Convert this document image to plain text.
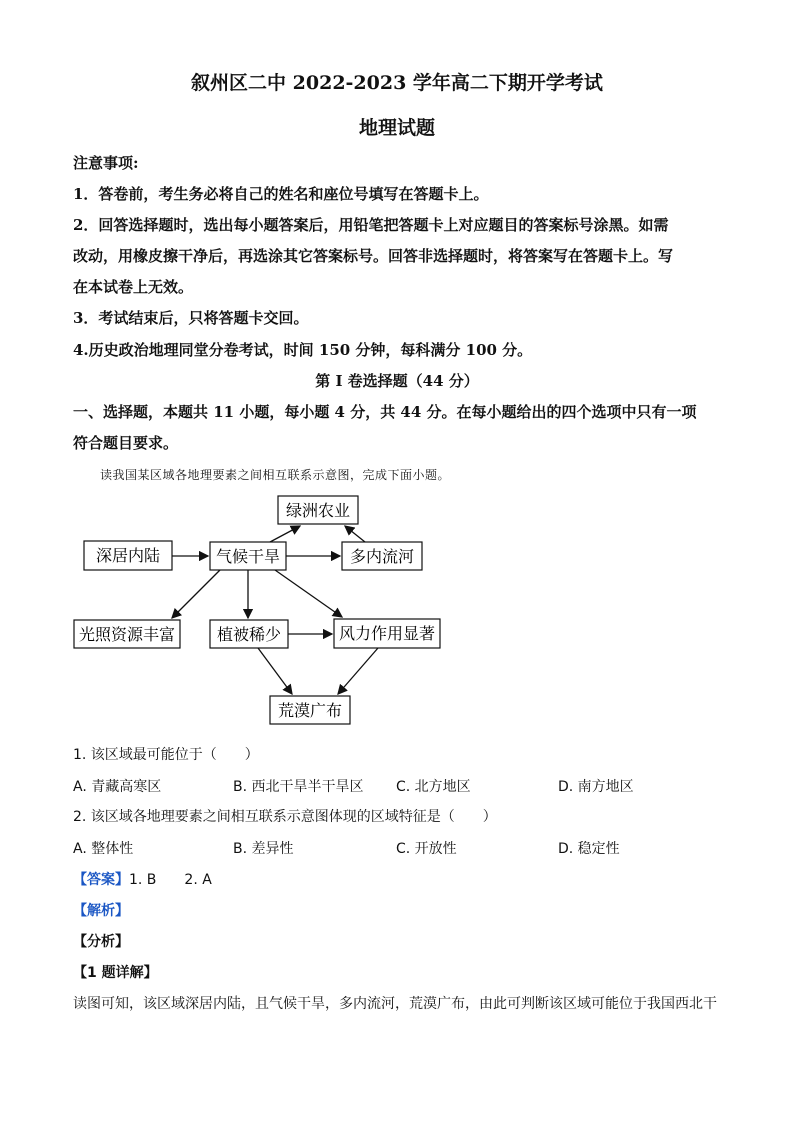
叙州区二中 2022-2023 学年高二下期开学考试
地理试题
注意事项:
1．答卷前，考生务必将自己的姓名和座位号填写在答题卡上。
2．回答选择题时，选出每小题答案后，用铅笔把答题卡上对应题目的答案标号涂黑。如需
改动，用橡皮擦干净后，再选涂其它答案标号。回答非选择题时，将答案写在答题卡上。写
在本试卷上无效。
3．考试结束后，只将答题卡交回。
4.历史政治地理同堂分卷考试，时间 150 分钟，每科满分 100 分。
第 I 卷选择题（44 分）
一、选择题，本题共 11 小题，每小题 4 分，共 44 分。在每小题给出的四个选项中只有一项
符合题目要求。
读我国某区域各地理要素之间相互联系示意图，完成下面小题。
绿洲农业
深居内陆	气候干旱	多内流河
光照资源丰富	植被稀少	风力作用显著
荒漠广布
1. 该区域最可能位于（　　）
A. 青藏高寒区	B. 西北干旱半干旱区 C. 北方地区	D. 南方地区
2. 该区域各地理要素之间相互联系示意图体现的区域特征是（　　）
A. 整体性	B. 差异性	C. 开放性	D. 稳定性
【答案】1. B　　2. A
【解析】
【分析】
【1 题详解】
读图可知，该区域深居内陆，且气候干旱，多内流河，荒漠广布，由此可判断该区域可能位于我国西北干
